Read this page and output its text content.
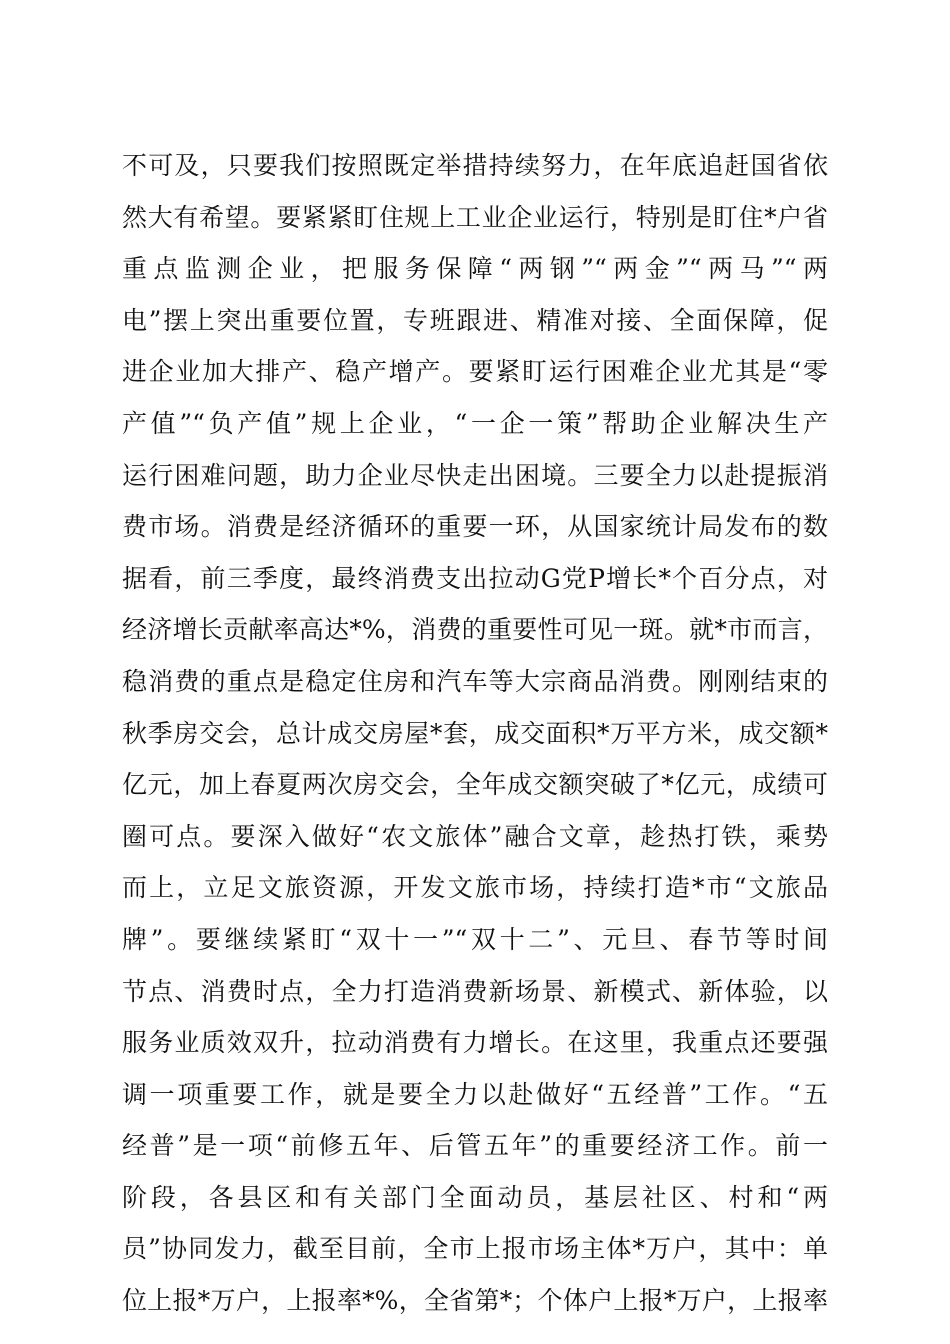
不可及，只要我们按照既定举措持续努力，在年底追赶国省依
然大有希望。要紧紧盯住规上工业企业运行，特别是盯住*户省
重点监测企业，把服务保障“两钢”“两金”“两马”“两
电”摆上突出重要位置，专班跟进、精准对接、全面保障，促
进企业加大排产、稳产增产。要紧盯运行困难企业尤其是“零
产值”“负产值”规上企业，“一企一策”帮助企业解决生产
运行困难问题，助力企业尽快走出困境。三要全力以赴提振消
费市场。消费是经济循环的重要一环，从国家统计局发布的数
据看，前三季度，最终消费支出拉动G党P增长*个百分点，对
经济增长贡献率高达*%，消费的重要性可见一斑。就*市而言，
稳消费的重点是稳定住房和汽车等大宗商品消费。刚刚结束的
秋季房交会，总计成交房屋*套，成交面积*万平方米，成交额*
亿元，加上春夏两次房交会，全年成交额突破了*亿元，成绩可
圈可点。要深入做好“农文旅体”融合文章，趁热打铁，乘势
而上，立足文旅资源，开发文旅市场，持续打造*市“文旅品
牌”。要继续紧盯“双十一”“双十二”、元旦、春节等时间
节点、消费时点，全力打造消费新场景、新模式、新体验，以
服务业质效双升，拉动消费有力增长。在这里，我重点还要强
调一项重要工作，就是要全力以赴做好“五经普”工作。“五
经普”是一项“前修五年、后管五年”的重要经济工作。前一
阶段，各县区和有关部门全面动员，基层社区、村和“两
员”协同发力，截至目前，全市上报市场主体*万户，其中：单
位上报*万户，上报率*%，全省第*；个体户上报*万户，上报率
